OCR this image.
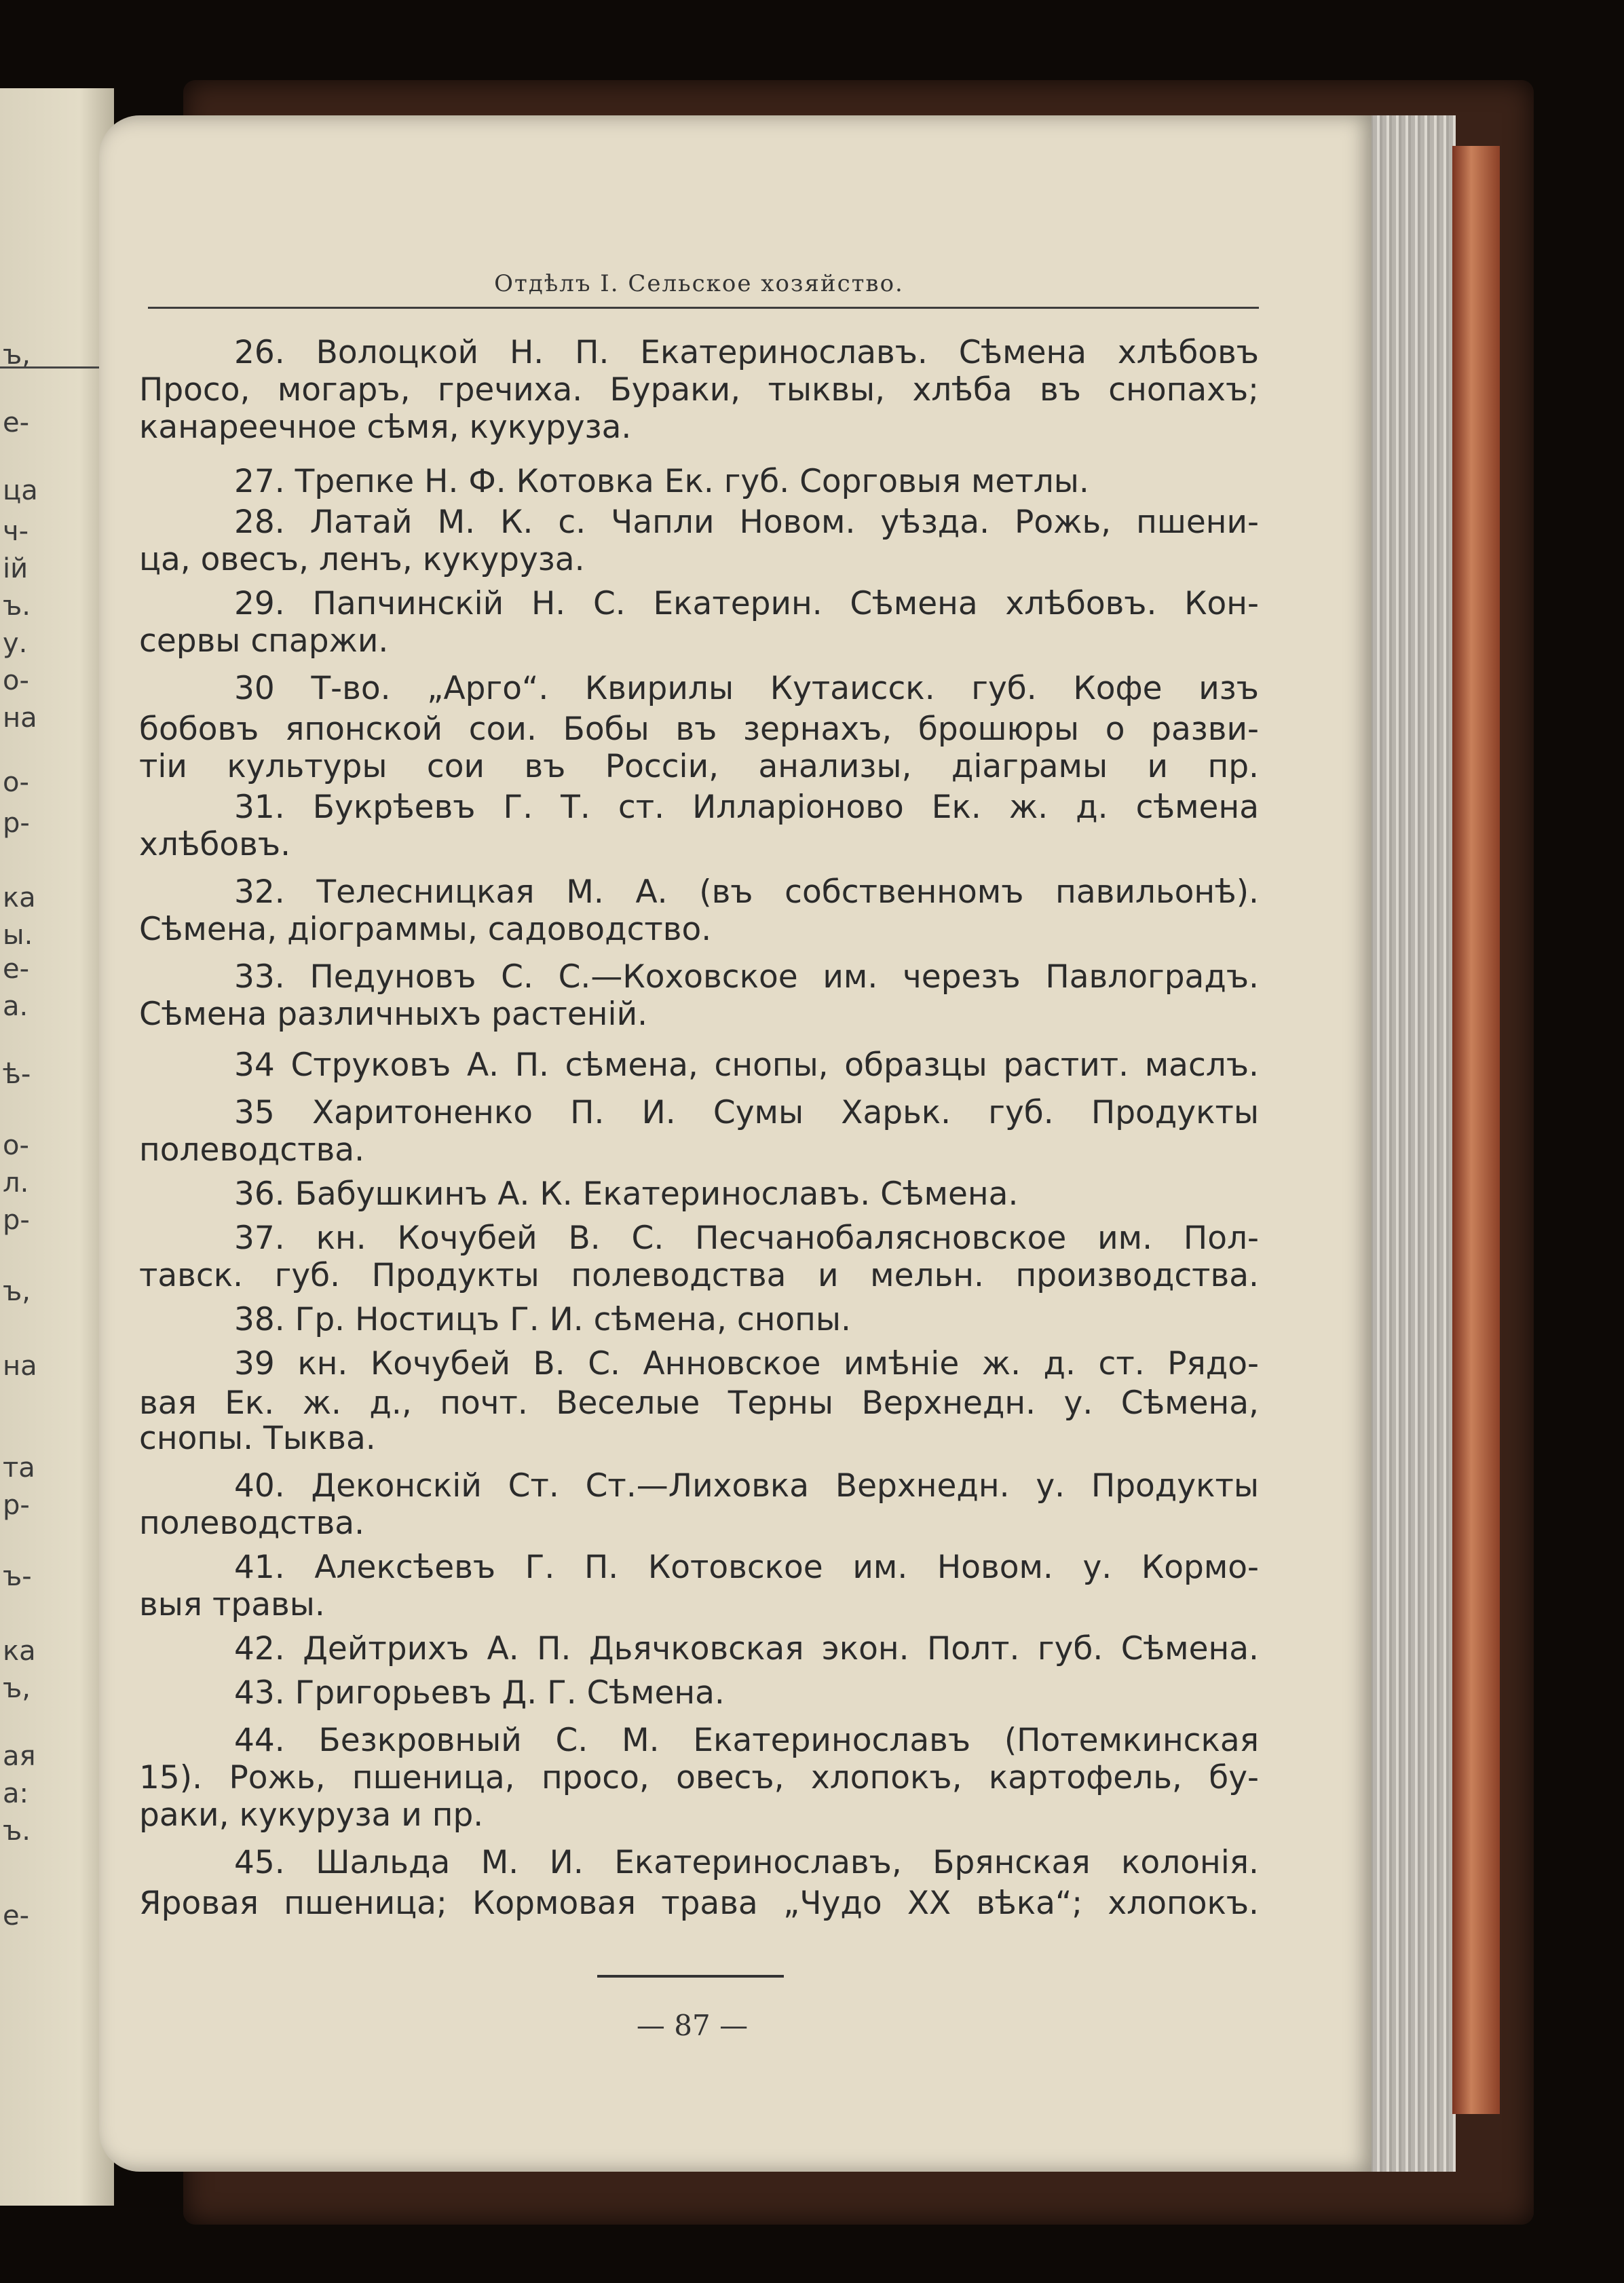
ъ,
е-
ца
ч-
ій
ъ.
у.
о-
на
о-
р-
ка
ы.
е-
а.
ѣ-
о-
л.
р-
ъ,
на
та
р-
ъ-
ка
ъ,
ая
а:
ъ.
е-
Отдѣлъ I. Сельское хозяйство.
26. Волоцкой Н. П. Екатеринославъ. Сѣмена хлѣбовъ
Просо, могаръ, гречиха. Бураки, тыквы, хлѣба въ снопахъ;
канареечное сѣмя, кукуруза.
27. Трепке Н. Ф. Котовка Ек. губ. Сорговыя метлы.
28. Латай М. К. с. Чапли Новом. уѣзда. Рожь, пшени-
ца, овесъ, ленъ, кукуруза.
29. Папчинскій Н. С. Екатерин. Сѣмена хлѣбовъ. Кон-
сервы спаржи.
30 Т-во. „Арго“. Квирилы Кутаисск. губ. Кофе изъ
бобовъ японской сои. Бобы въ зернахъ, брошюры о разви-
тіи культуры сои въ Россіи, анализы, діаграмы и пр.
31. Букрѣевъ Г. Т. ст. Илларіоново Ек. ж. д. сѣмена
хлѣбовъ.
32. Телесницкая М. А. (въ собственномъ павильонѣ).
Сѣмена, діограммы, садоводство.
33. Педуновъ С. С.—Коховское им. черезъ Павлоградъ.
Сѣмена различныхъ растеній.
34 Струковъ А. П. сѣмена, снопы, образцы растит. маслъ.
35 Харитоненко П. И. Сумы Харьк. губ. Продукты
полеводства.
36. Бабушкинъ А. К. Екатеринославъ. Сѣмена.
37. кн. Кочубей В. С. Песчанобалясновское им. Пол-
тавск. губ. Продукты полеводства и мельн. производства.
38. Гр. Ностицъ Г. И. сѣмена, снопы.
39 кн. Кочубей В. С. Анновское имѣніе ж. д. ст. Рядо-
вая Ек. ж. д., почт. Веселые Терны Верхнедн. у. Сѣмена,
снопы. Тыква.
40. Деконскій Ст. Ст.—Лиховка Верхнедн. у. Продукты
полеводства.
41. Алексѣевъ Г. П. Котовское им. Новом. у. Кормо-
выя травы.
42. Дейтрихъ А. П. Дьячковская экон. Полт. губ. Сѣмена.
43. Григорьевъ Д. Г. Сѣмена.
44. Безкровный С. М. Екатеринославъ (Потемкинская
15). Рожь, пшеница, просо, овесъ, хлопокъ, картофель, бу-
раки, кукуруза и пр.
45. Шальда М. И. Екатеринославъ, Брянская колонія.
Яровая пшеница; Кормовая трава „Чудо XX вѣка“; хлопокъ.
— 87 —
